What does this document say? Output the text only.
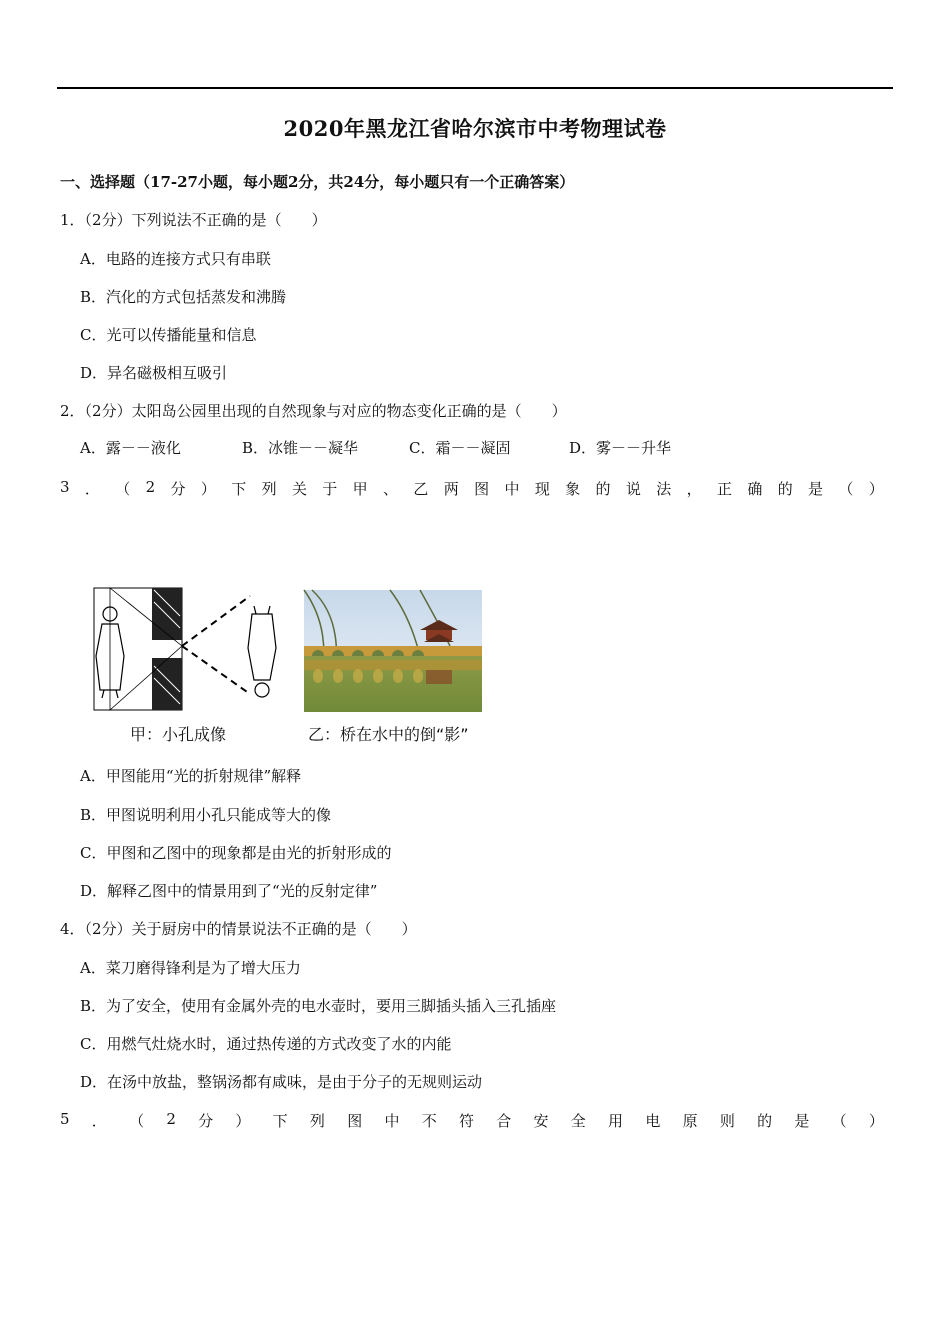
2020年黑龙江省哈尔滨市中考物理试卷
一、选择题（17-27小题，每小题2分，共24分，每小题只有一个正确答案）
1．（2分）下列说法不正确的是（　　）
A．电路的连接方式只有串联
B．汽化的方式包括蒸发和沸腾
C．光可以传播能量和信息
D．异名磁极相互吸引
2．（2分）太阳岛公园里出现的自然现象与对应的物态变化正确的是（　　）
A．露－－液化	B．冰锥－－凝华	C．霜－－凝固	D．雾－－升华
3 ． （ 2 分 ） 下 列 关 于 甲 、 乙 两 图 中 现 象 的 说 法 ， 正 确 的 是 （ ）
甲：小孔成像	乙：桥在水中的倒“影”
A．甲图能用“光的折射规律”解释
B．甲图说明利用小孔只能成等大的像
C．甲图和乙图中的现象都是由光的折射形成的
D．解释乙图中的情景用到了“光的反射定律”
4．（2分）关于厨房中的情景说法不正确的是（　　）
A．菜刀磨得锋利是为了增大压力
B．为了安全，使用有金属外壳的电水壶时，要用三脚插头插入三孔插座
C．用燃气灶烧水时，通过热传递的方式改变了水的内能
D．在汤中放盐，整锅汤都有咸味，是由于分子的无规则运动
5 ． （ 2 分 ） 下 列 图 中 不 符 合 安 全 用 电 原 则 的 是 （ ）
